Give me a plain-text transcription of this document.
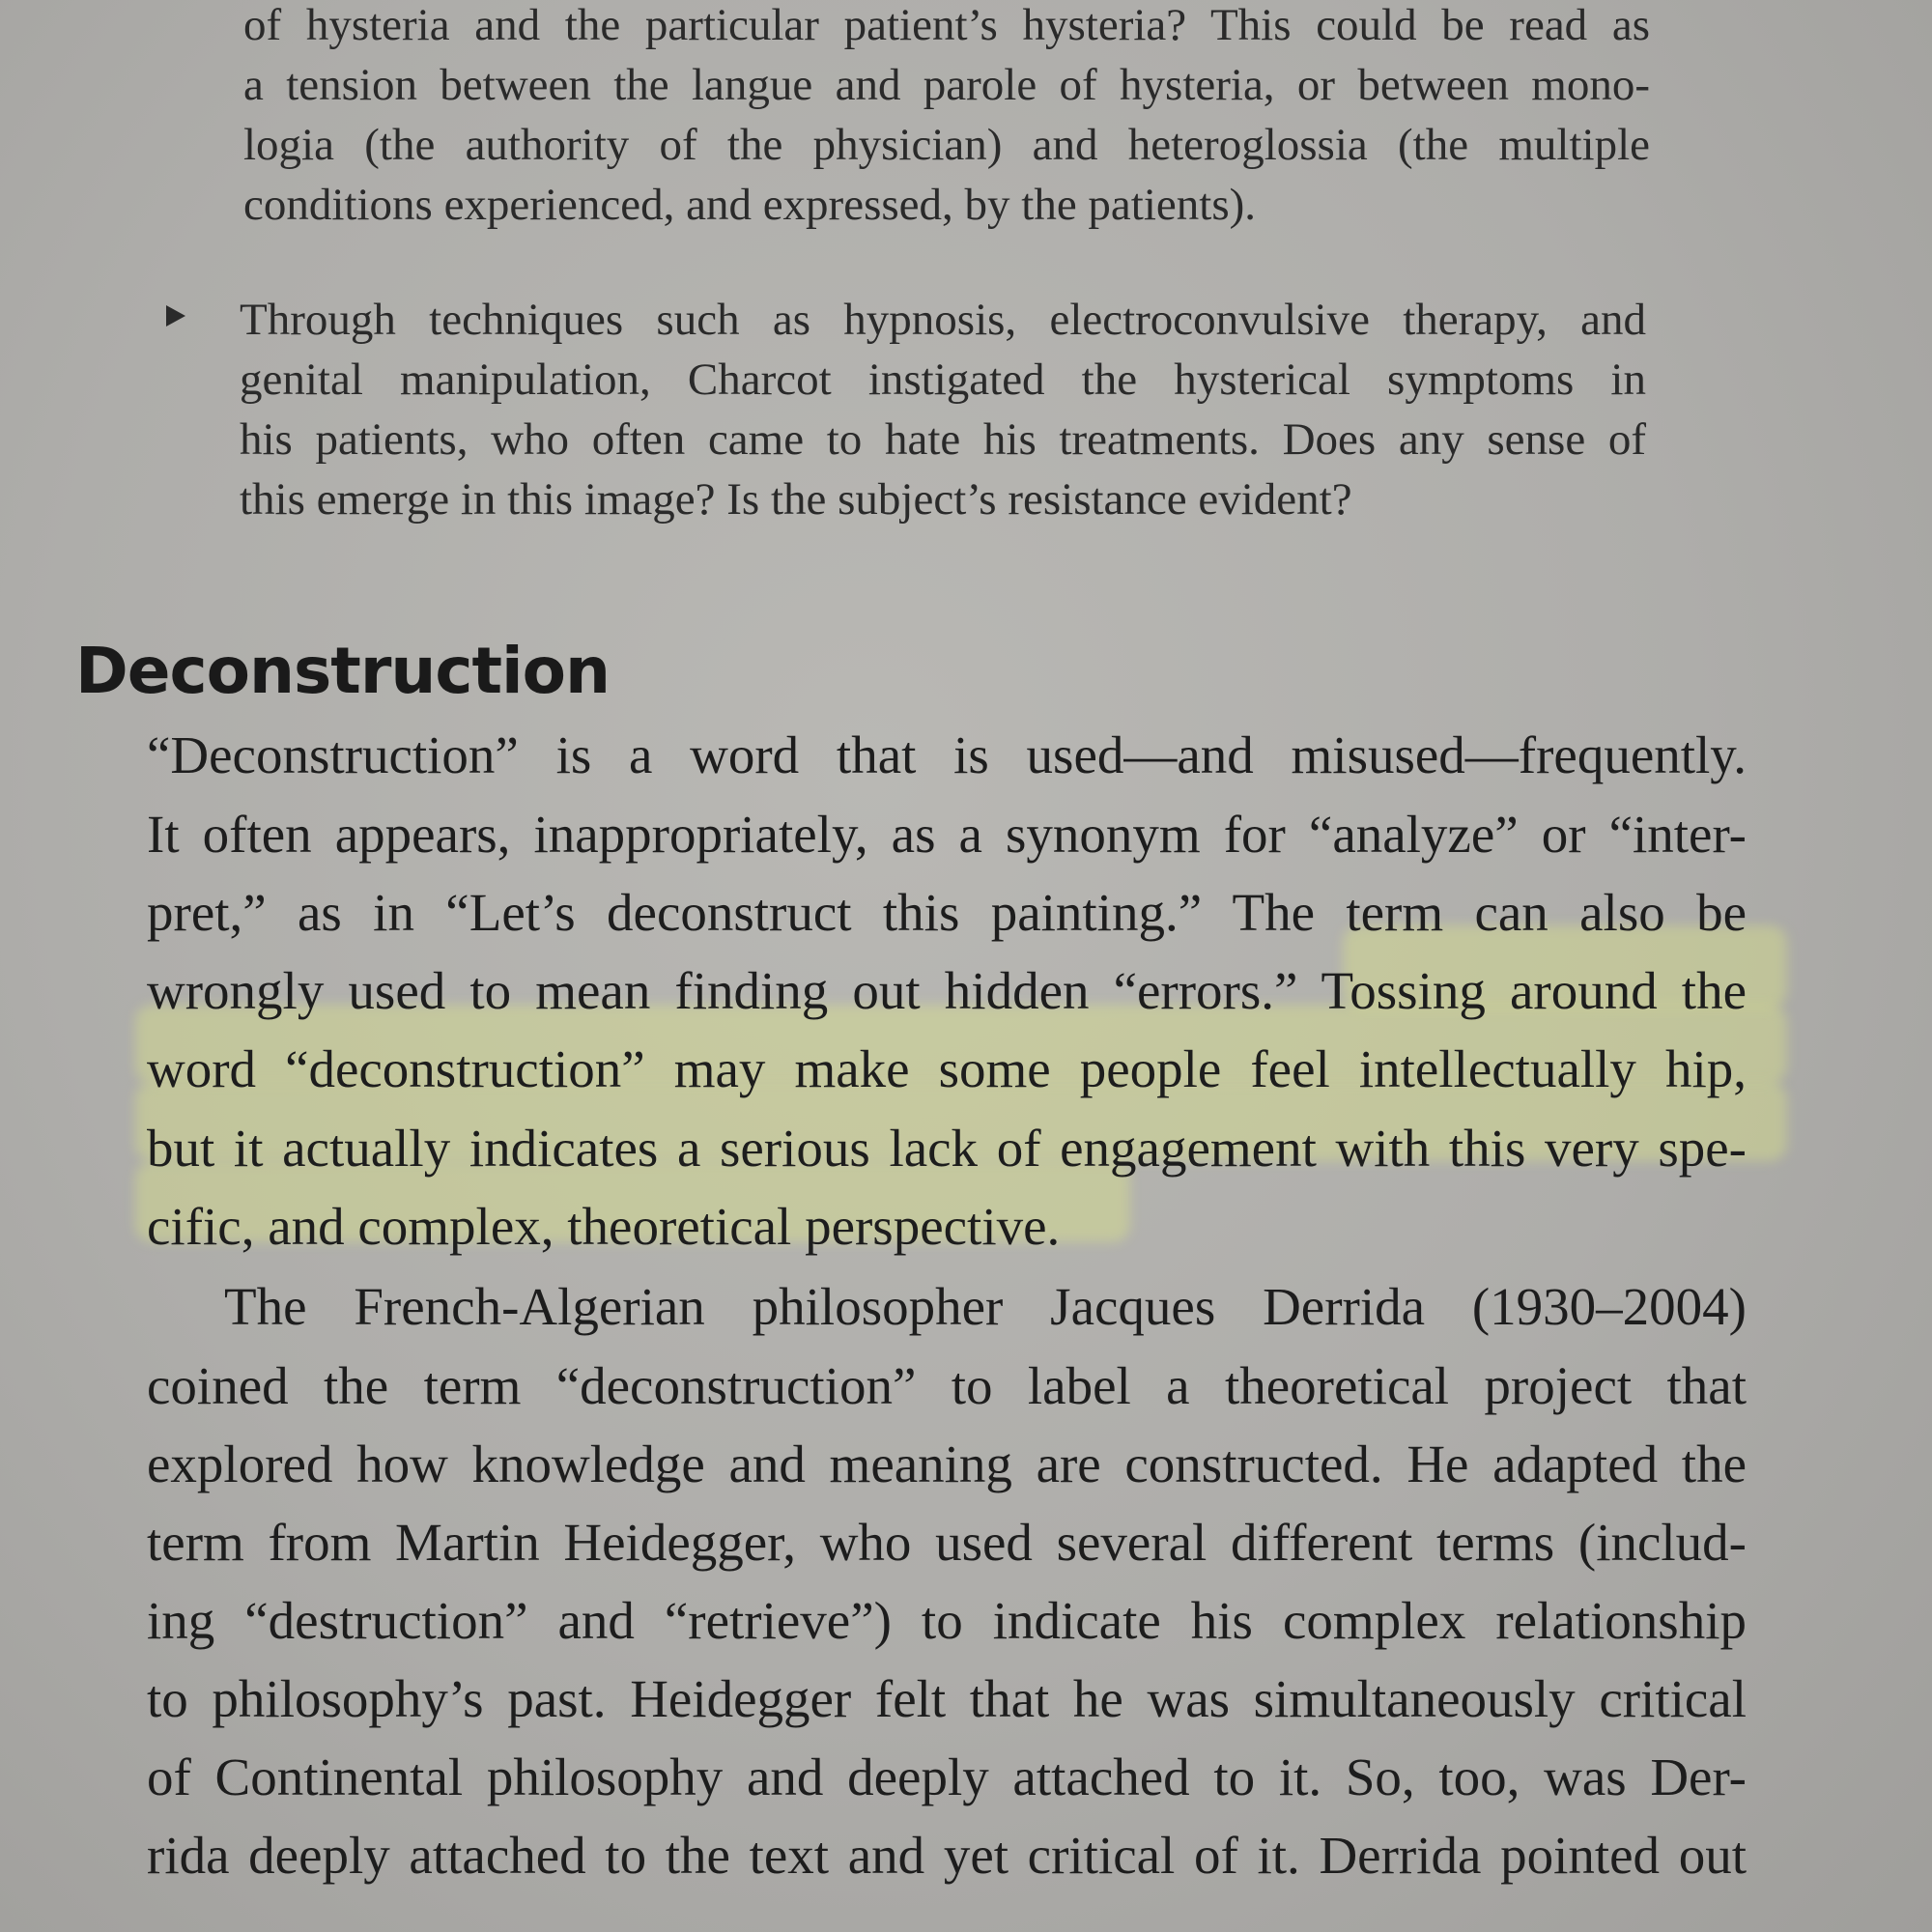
of hysteria and the particular patient’s hysteria? This could be read as
a tension between the langue and parole of hysteria, or between mono-
logia (the authority of the physician) and heteroglossia (the multiple
conditions experienced, and expressed, by the patients).
Through techniques such as hypnosis, electroconvulsive therapy, and
genital manipulation, Charcot instigated the hysterical symptoms in
his patients, who often came to hate his treatments. Does any sense of
this emerge in this image? Is the subject’s resistance evident?
Deconstruction
“Deconstruction” is a word that is used—and misused—frequently.
It often appears, inappropriately, as a synonym for “analyze” or “inter-
pret,” as in “Let’s deconstruct this painting.” The term can also be
wrongly used to mean finding out hidden “errors.” Tossing around the
word “deconstruction” may make some people feel intellectually hip,
but it actually indicates a serious lack of engagement with this very spe-
cific, and complex, theoretical perspective.
The French-Algerian philosopher Jacques Derrida (1930–2004)
coined the term “deconstruction” to label a theoretical project that
explored how knowledge and meaning are constructed. He adapted the
term from Martin Heidegger, who used several different terms (includ-
ing “destruction” and “retrieve”) to indicate his complex relationship
to philosophy’s past. Heidegger felt that he was simultaneously critical
of Continental philosophy and deeply attached to it. So, too, was Der-
rida deeply attached to the text and yet critical of it. Derrida pointed out
